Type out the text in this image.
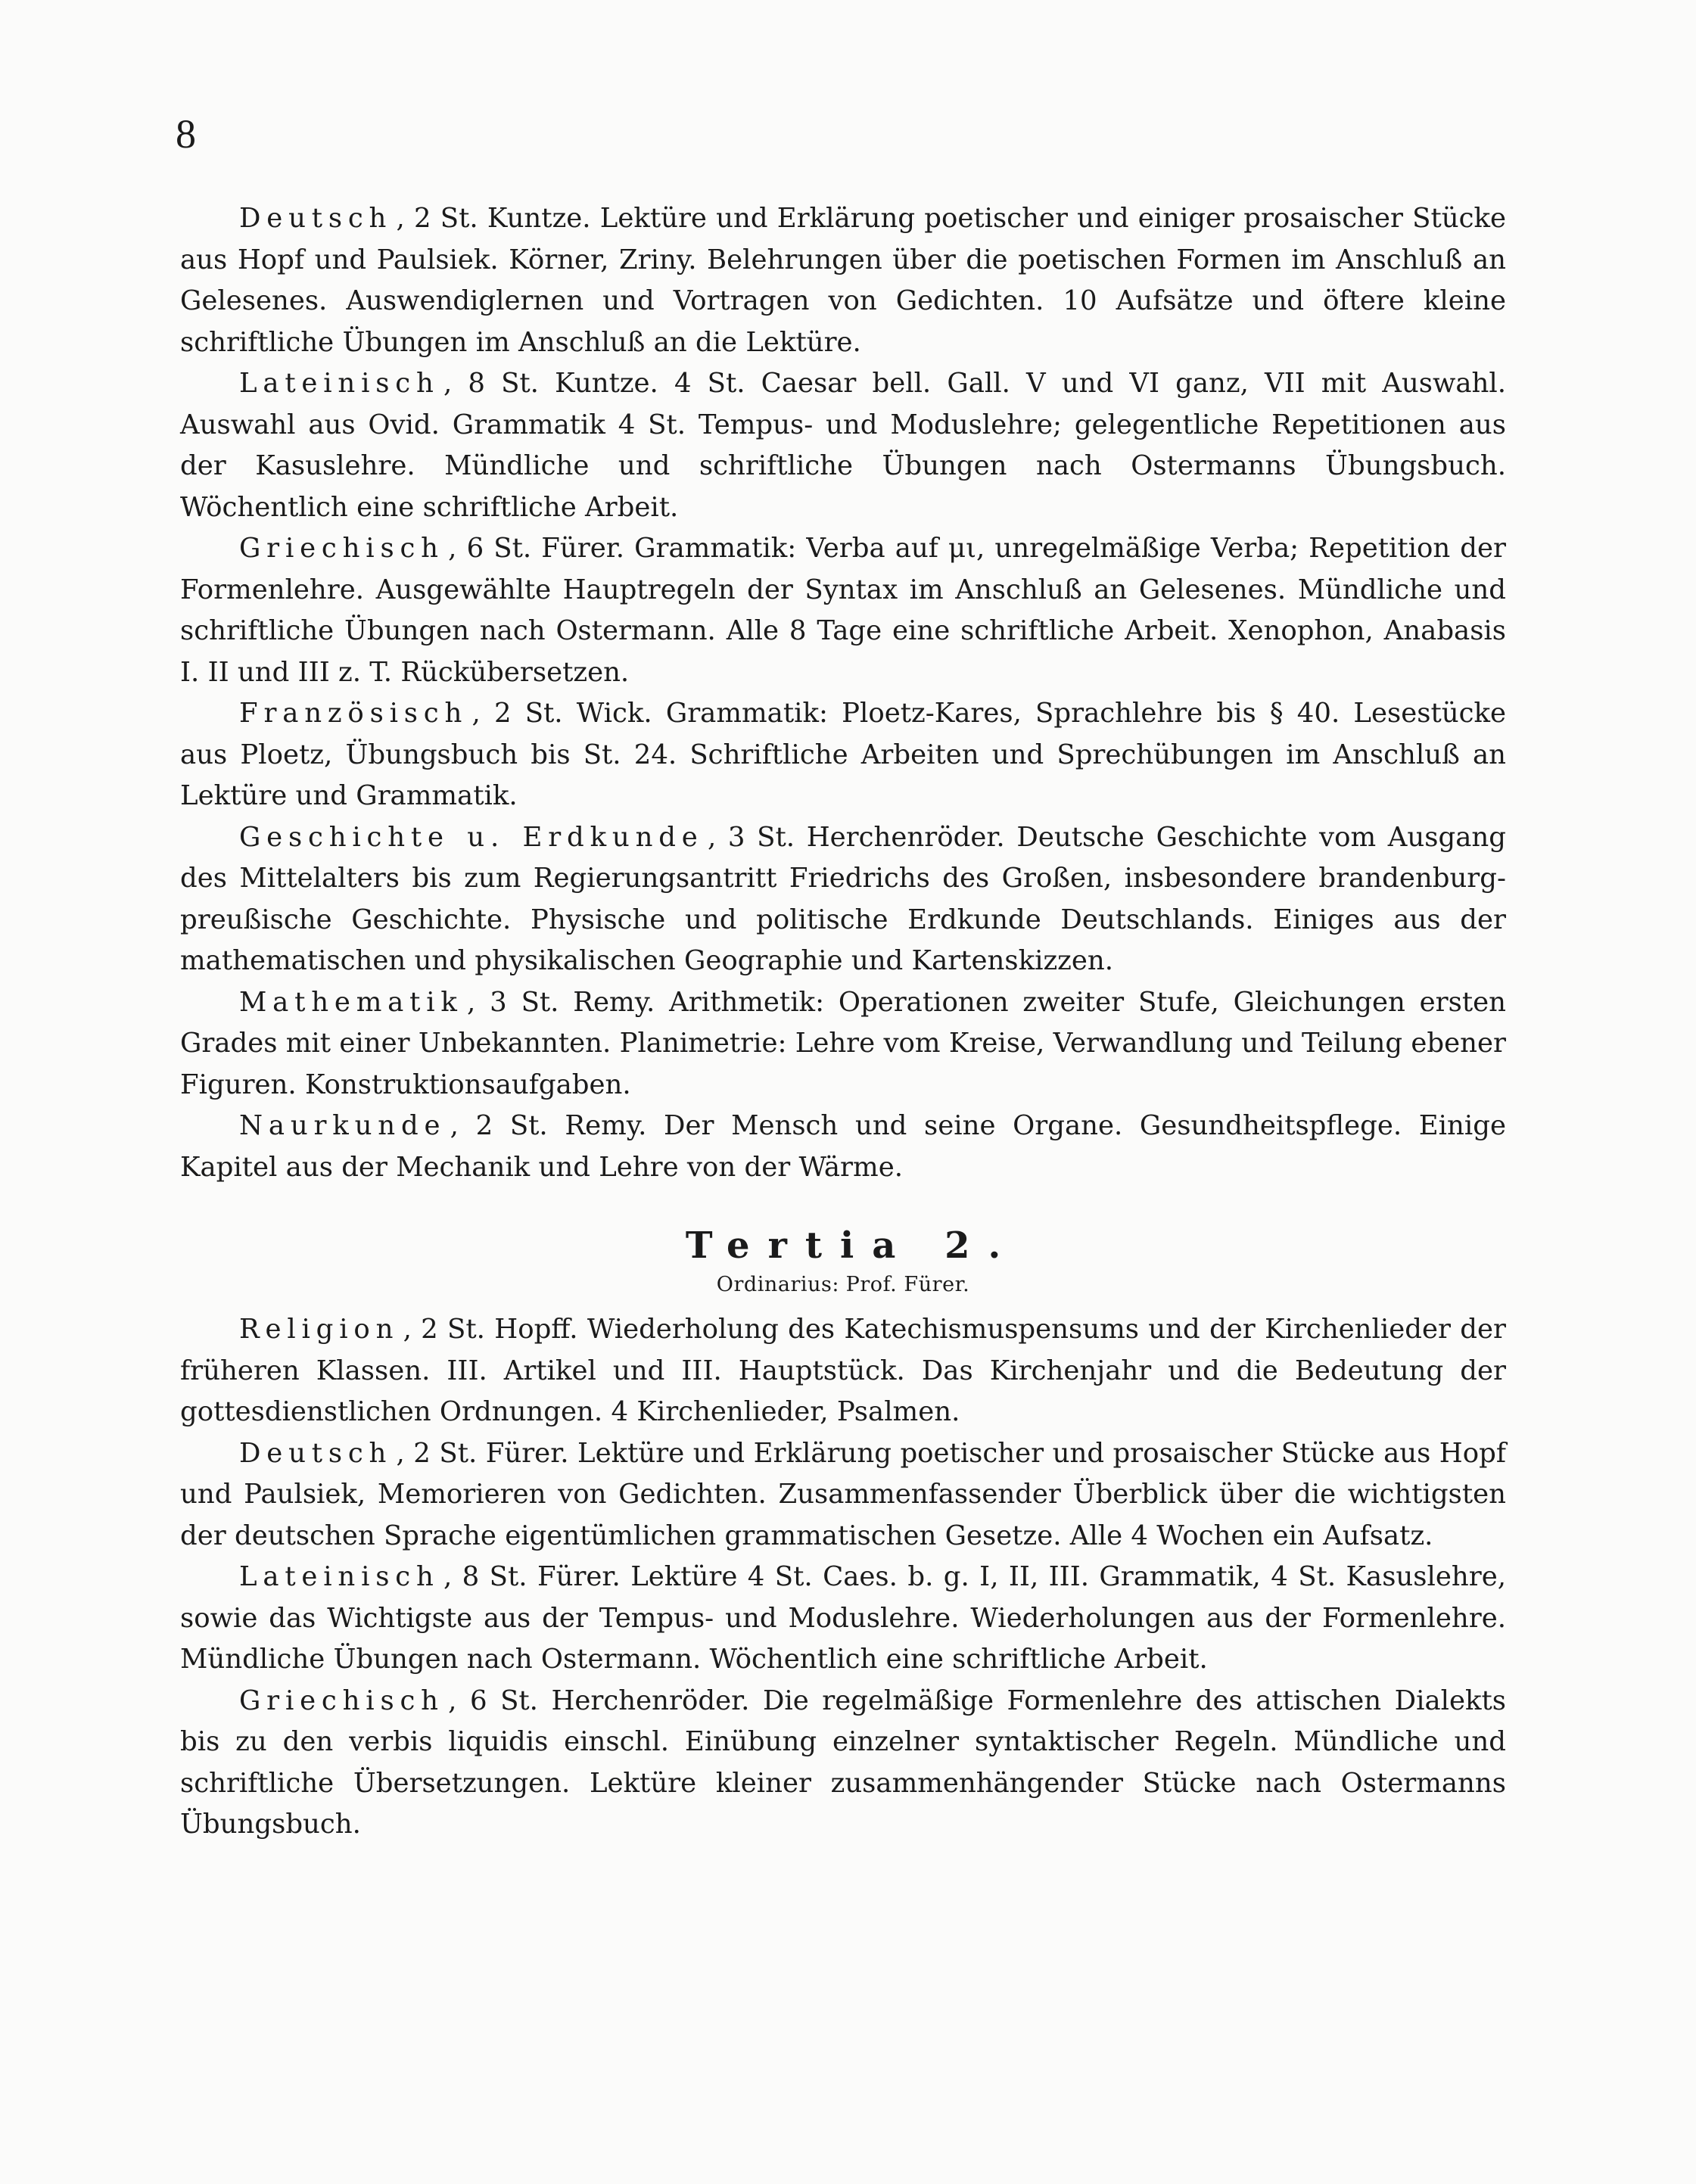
8

Deutsch , 2 St. Kuntze. Lektüre und Erklärung poetischer und einiger prosaischer Stücke aus Hopf und Paulsiek. Körner, Zriny. Belehrungen über die poetischen Formen im Anschluß an Gelesenes. Auswendiglernen und Vortragen von Gedichten. 10 Aufsätze und öftere kleine schriftliche Übungen im Anschluß an die Lektüre.

Lateinisch , 8 St. Kuntze. 4 St. Caesar bell. Gall. V und VI ganz, VII mit Auswahl. Auswahl aus Ovid. Grammatik 4 St. Tempus- und Moduslehre; gelegentliche Repetitionen aus der Kasuslehre. Mündliche und schriftliche Übungen nach Ostermanns Übungsbuch. Wöchentlich eine schriftliche Arbeit.

Griechisch , 6 St. Fürer. Grammatik: Verba auf μι, unregelmäßige Verba; Repetition der Formenlehre. Ausgewählte Hauptregeln der Syntax im Anschluß an Gelesenes. Mündliche und schriftliche Übungen nach Ostermann. Alle 8 Tage eine schriftliche Arbeit. Xenophon, Anabasis I. II und III z. T. Rückübersetzen.

Französisch , 2 St. Wick. Grammatik: Ploetz-Kares, Sprachlehre bis § 40. Lesestücke aus Ploetz, Übungsbuch bis St. 24. Schriftliche Arbeiten und Sprechübungen im Anschluß an Lektüre und Grammatik.

Geschichte u. Erdkunde , 3 St. Herchenröder. Deutsche Geschichte vom Ausgang des Mittelalters bis zum Regierungsantritt Friedrichs des Großen, insbesondere brandenburg-preußische Geschichte. Physische und politische Erdkunde Deutschlands. Einiges aus der mathematischen und physikalischen Geographie und Kartenskizzen.

Mathematik , 3 St. Remy. Arithmetik: Operationen zweiter Stufe, Gleichungen ersten Grades mit einer Unbekannten. Planimetrie: Lehre vom Kreise, Verwandlung und Teilung ebener Figuren. Konstruktionsaufgaben.

Naurkunde , 2 St. Remy. Der Mensch und seine Organe. Gesundheitspflege. Einige Kapitel aus der Mechanik und Lehre von der Wärme.

Tertia 2.

Ordinarius: Prof. Fürer.

Religion , 2 St. Hopff. Wiederholung des Katechismuspensums und der Kirchenlieder der früheren Klassen. III. Artikel und III. Hauptstück. Das Kirchenjahr und die Bedeutung der gottesdienstlichen Ordnungen. 4 Kirchenlieder, Psalmen.

Deutsch , 2 St. Fürer. Lektüre und Erklärung poetischer und prosaischer Stücke aus Hopf und Paulsiek, Memorieren von Gedichten. Zusammenfassender Überblick über die wichtigsten der deutschen Sprache eigentümlichen grammatischen Gesetze. Alle 4 Wochen ein Aufsatz.

Lateinisch , 8 St. Fürer. Lektüre 4 St. Caes. b. g. I, II, III. Grammatik, 4 St. Kasuslehre, sowie das Wichtigste aus der Tempus- und Moduslehre. Wiederholungen aus der Formenlehre. Mündliche Übungen nach Ostermann. Wöchentlich eine schriftliche Arbeit.

Griechisch , 6 St. Herchenröder. Die regelmäßige Formenlehre des attischen Dialekts bis zu den verbis liquidis einschl. Einübung einzelner syntaktischer Regeln. Mündliche und schriftliche Übersetzungen. Lektüre kleiner zusammenhängender Stücke nach Ostermanns Übungsbuch.
